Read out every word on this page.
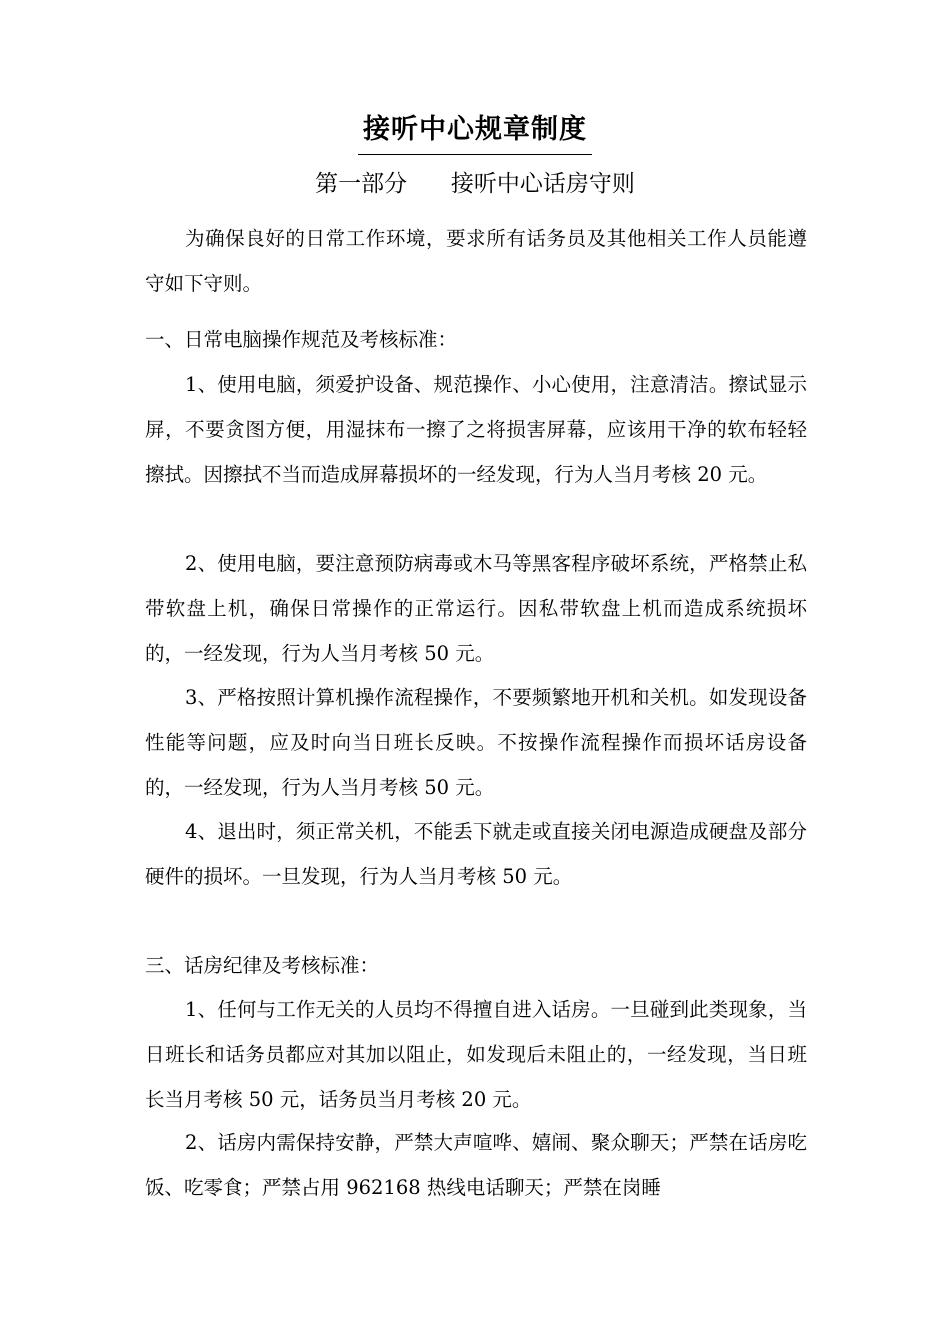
接听中心规章制度
第一部分      接听中心话房守则

为确保良好的日常工作环境，要求所有话务员及其他相关工作人员能遵守如下守则。

一、日常电脑操作规范及考核标准：

1、使用电脑，须爱护设备、规范操作、小心使用，注意清洁。擦试显示屏，不要贪图方便，用湿抹布一擦了之将损害屏幕，应该用干净的软布轻轻擦拭。因擦拭不当而造成屏幕损坏的一经发现，行为人当月考核 20 元。

2、使用电脑，要注意预防病毒或木马等黑客程序破坏系统，严格禁止私带软盘上机，确保日常操作的正常运行。因私带软盘上机而造成系统损坏的，一经发现，行为人当月考核 50 元。

3、严格按照计算机操作流程操作，不要频繁地开机和关机。如发现设备性能等问题，应及时向当日班长反映。不按操作流程操作而损坏话房设备的，一经发现，行为人当月考核 50 元。

4、退出时，须正常关机，不能丢下就走或直接关闭电源造成硬盘及部分硬件的损坏。一旦发现，行为人当月考核 50 元。

三、话房纪律及考核标准：

1、任何与工作无关的人员均不得擅自进入话房。一旦碰到此类现象，当日班长和话务员都应对其加以阻止，如发现后未阻止的，一经发现，当日班长当月考核 50 元，话务员当月考核 20 元。

2、话房内需保持安静，严禁大声喧哗、嬉闹、聚众聊天；严禁在话房吃饭、吃零食；严禁占用 962168 热线电话聊天；严禁在岗睡
